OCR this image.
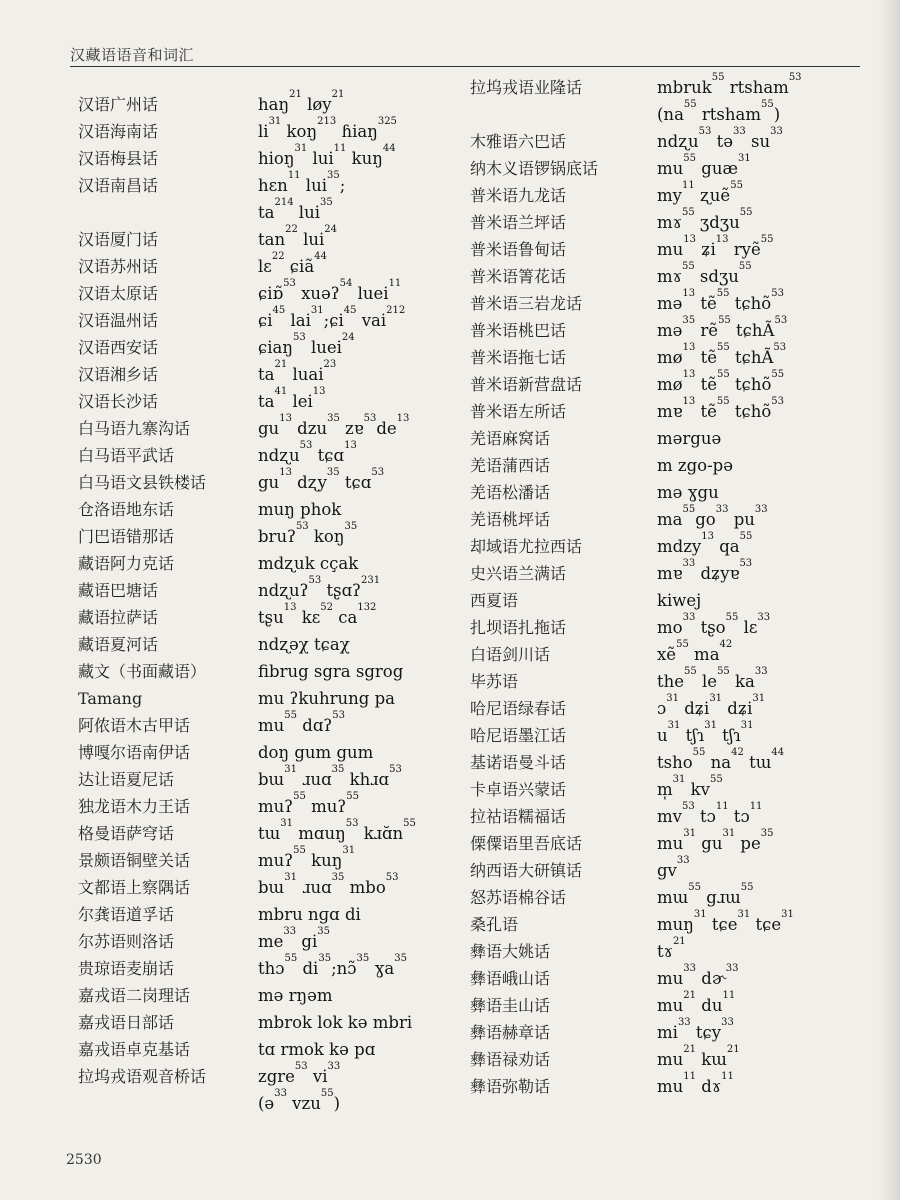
汉藏语语音和词汇
汉语广州话	haŋ$^{21}$ løy$^{21}$
汉语海南话	$li^{31}$ koŋ$^{213}$ ɦiaŋ$^{325}$
汉语梅县话	hioŋ$^{31}$ lui$^{11}$ kuŋ$^{44}$
汉语南昌话	hɛn$^{11}$ lui$^{35}$;
$ta^{214}$ lui$^{35}$
汉语厦门话	$\tan^{22} lui^{24}$
汉语苏州话	lɛ$^{22}$ ɕiã$^{44}$
汉语太原话	ɕiɒ̃$^{53}$ xuəʔ$^{54}$ luei$^{11}$
汉语温州话	ɕi$^{45}$ lai$^{31}$;ɕi$^{45}$ vai$^{212}$
汉语西安话	ɕiaŋ$^{53}$ luei$^{24}$
汉语湘乡话	$ta^{21}$ luai$^{23}$
汉语长沙话	$ta^{41}$ lei$^{13}$
白马语九寨沟话	$gu^{13}$ dzu$^{35}$ $zɐ^{53}de^{13}$
白马语平武话	ndʐu$^{53}$ tɕɑ$^{13}$
白马语文县铁楼话	$gu^{13}$ dʐy$^{35}$ tɕɑ$^{53}$
仓洛语地东话	muŋ phok
门巴语错那话	bruʔ$^{53}$ koŋ$^{35}$
藏语阿力克话	mdʐuk cçak
藏语巴塘话	ndʐuʔ$^{53}$ tʂɑʔ$^{231}$
藏语拉萨话	tʂu$^{13}$ kɛ$^{52}$ $ca^{132}$
藏语夏河话	ndʐəχ tɕaχ
藏文（书面藏语）	fibrug sgra sgrog
Tamang	mu ʔkuhrung pa
阿侬语木古甲话	$mu^{55}$ dɑʔ$^{53}$
博嘎尔语南伊话	doŋ gum gum
达让语夏尼话	bɯ$^{31}$ ɹuɑ$^{35}$ khɹɑ$^{53}$
独龙语木力王话	muʔ$^{55}$ muʔ$^{55}$
格曼语萨穹话	tɯ$^{31}$ mɑuŋ$^{53}$ $kɹɑ̆n^{55}$
景颇语铜壁关话	muʔ$^{55}$ kuŋ$^{31}$
文都语上察隅话	bɯ$^{31}$ ɹuɑ$^{35}$ mbo$^{53}$
尔龚语道孚话	mbru nɡɑ di
尔苏语则洛话	$me^{33}$ $gi^{35}$
贵琼语麦崩话	thɔ$^{55}$ $di^{35};nɔ̃^{35}$ ɣa$^{35}$
嘉戎语二岗理话	mə rŋəm
嘉戎语日部话	mbrok lok kə mbri
嘉戎语卓克基话	tɑ rmok kə pɑ
拉坞戎语观音桥话	zgre$^{53}$ $vi^{33}$
(ə$^{33}$ vzu$^{55}$)
拉坞戎语业隆话	mbruk$^{55}$ rtsham$^{53}$
($na^{55}$ rtsham$^{55}$)
木雅语六巴话	ndʐu$^{53}$ tə$^{33}$ $su^{33}$
纳木义语锣锅底话	$mu^{55}$ guæ$^{31}$
普米语九龙话	$my^{11}$ ʐuẽ$^{55}$
普米语兰坪话	mɤ$^{55}$ ʒdʒu$^{55}$
普米语鲁甸话	$mu^{13}$ ʑi$^{13}$ ryẽ$^{55}$
普米语箐花话	mɤ$^{55}$ sdʒu$^{55}$
普米语三岩龙话	mə$^{13}$ tẽ$^{55}$ tɕhõ$^{53}$
普米语桃巴话	mə$^{35}$ rẽ$^{55}$ tɕhÃ$^{53}$
普米语拖七话	$mø^{13}$ tẽ$^{55}$ tɕhÃ$^{53}$
普米语新营盘话	$mø^{13}$ tẽ$^{55}$ tɕhõ$^{55}$
普米语左所话	mɐ$^{13}$ tẽ$^{55}$ tɕhõ$^{53}$
羌语麻窝话	mərguə
羌语蒲西话	m zgo-pə
羌语松潘话	mə ɣgu
羌语桃坪话	$ma^{55}go^{33}$ $pu^{33}$
却域语尤拉西话	mdzy$^{13}$ $qa^{55}$
史兴语兰满话	mɐ$^{33}$ dʑyɐ$^{53}$
西夏语	kiwej
扎坝语扎拖话	$mo^{33}$ tʂo$^{55}$ lɛ$^{33}$
白语剑川话	xẽ$^{55}$ $ma^{42}$
毕苏语	the$^{55}$ $le^{55}$ $ka^{33}$
哈尼语绿春话	ɔ$^{31}$ dʑi$^{31}$ dʑi$^{31}$
哈尼语墨江话	$u^{31}$ tʃɿ$^{31}$ tʃɿ$^{31}$
基诺语曼斗话	tsho$^{55}$ $na^{42}$ tɯ$^{44}$
卡卓语兴蒙话	m̩$^{31}$ $kv^{55}$
拉祜语糯福话	$mv^{53}$ tɔ$^{11}$ tɔ$^{11}$
傈僳语里吾底话	$mu^{31}$ $gu^{31}$ $pe^{35}$
纳西语大研镇话	$gv^{33}$
怒苏语棉谷话	mɯ$^{55}$ gɹɯ$^{55}$
桑孔语	muŋ$^{31}$ tɕe$^{31}$ tɕe$^{31}$
彝语大姚话	tɤ$^{21}$
彝语峨山话	$mu^{33}$ dɚ$^{33}$
彝语圭山话	$mu^{21}$ $du^{11}$
彝语赫章话	$mi^{33}$ tɕy$^{33}$
彝语禄劝话	$mu^{21}$ kɯ$^{21}$
彝语弥勒话	$mu^{11}$ dɤ$^{11}$
2530
